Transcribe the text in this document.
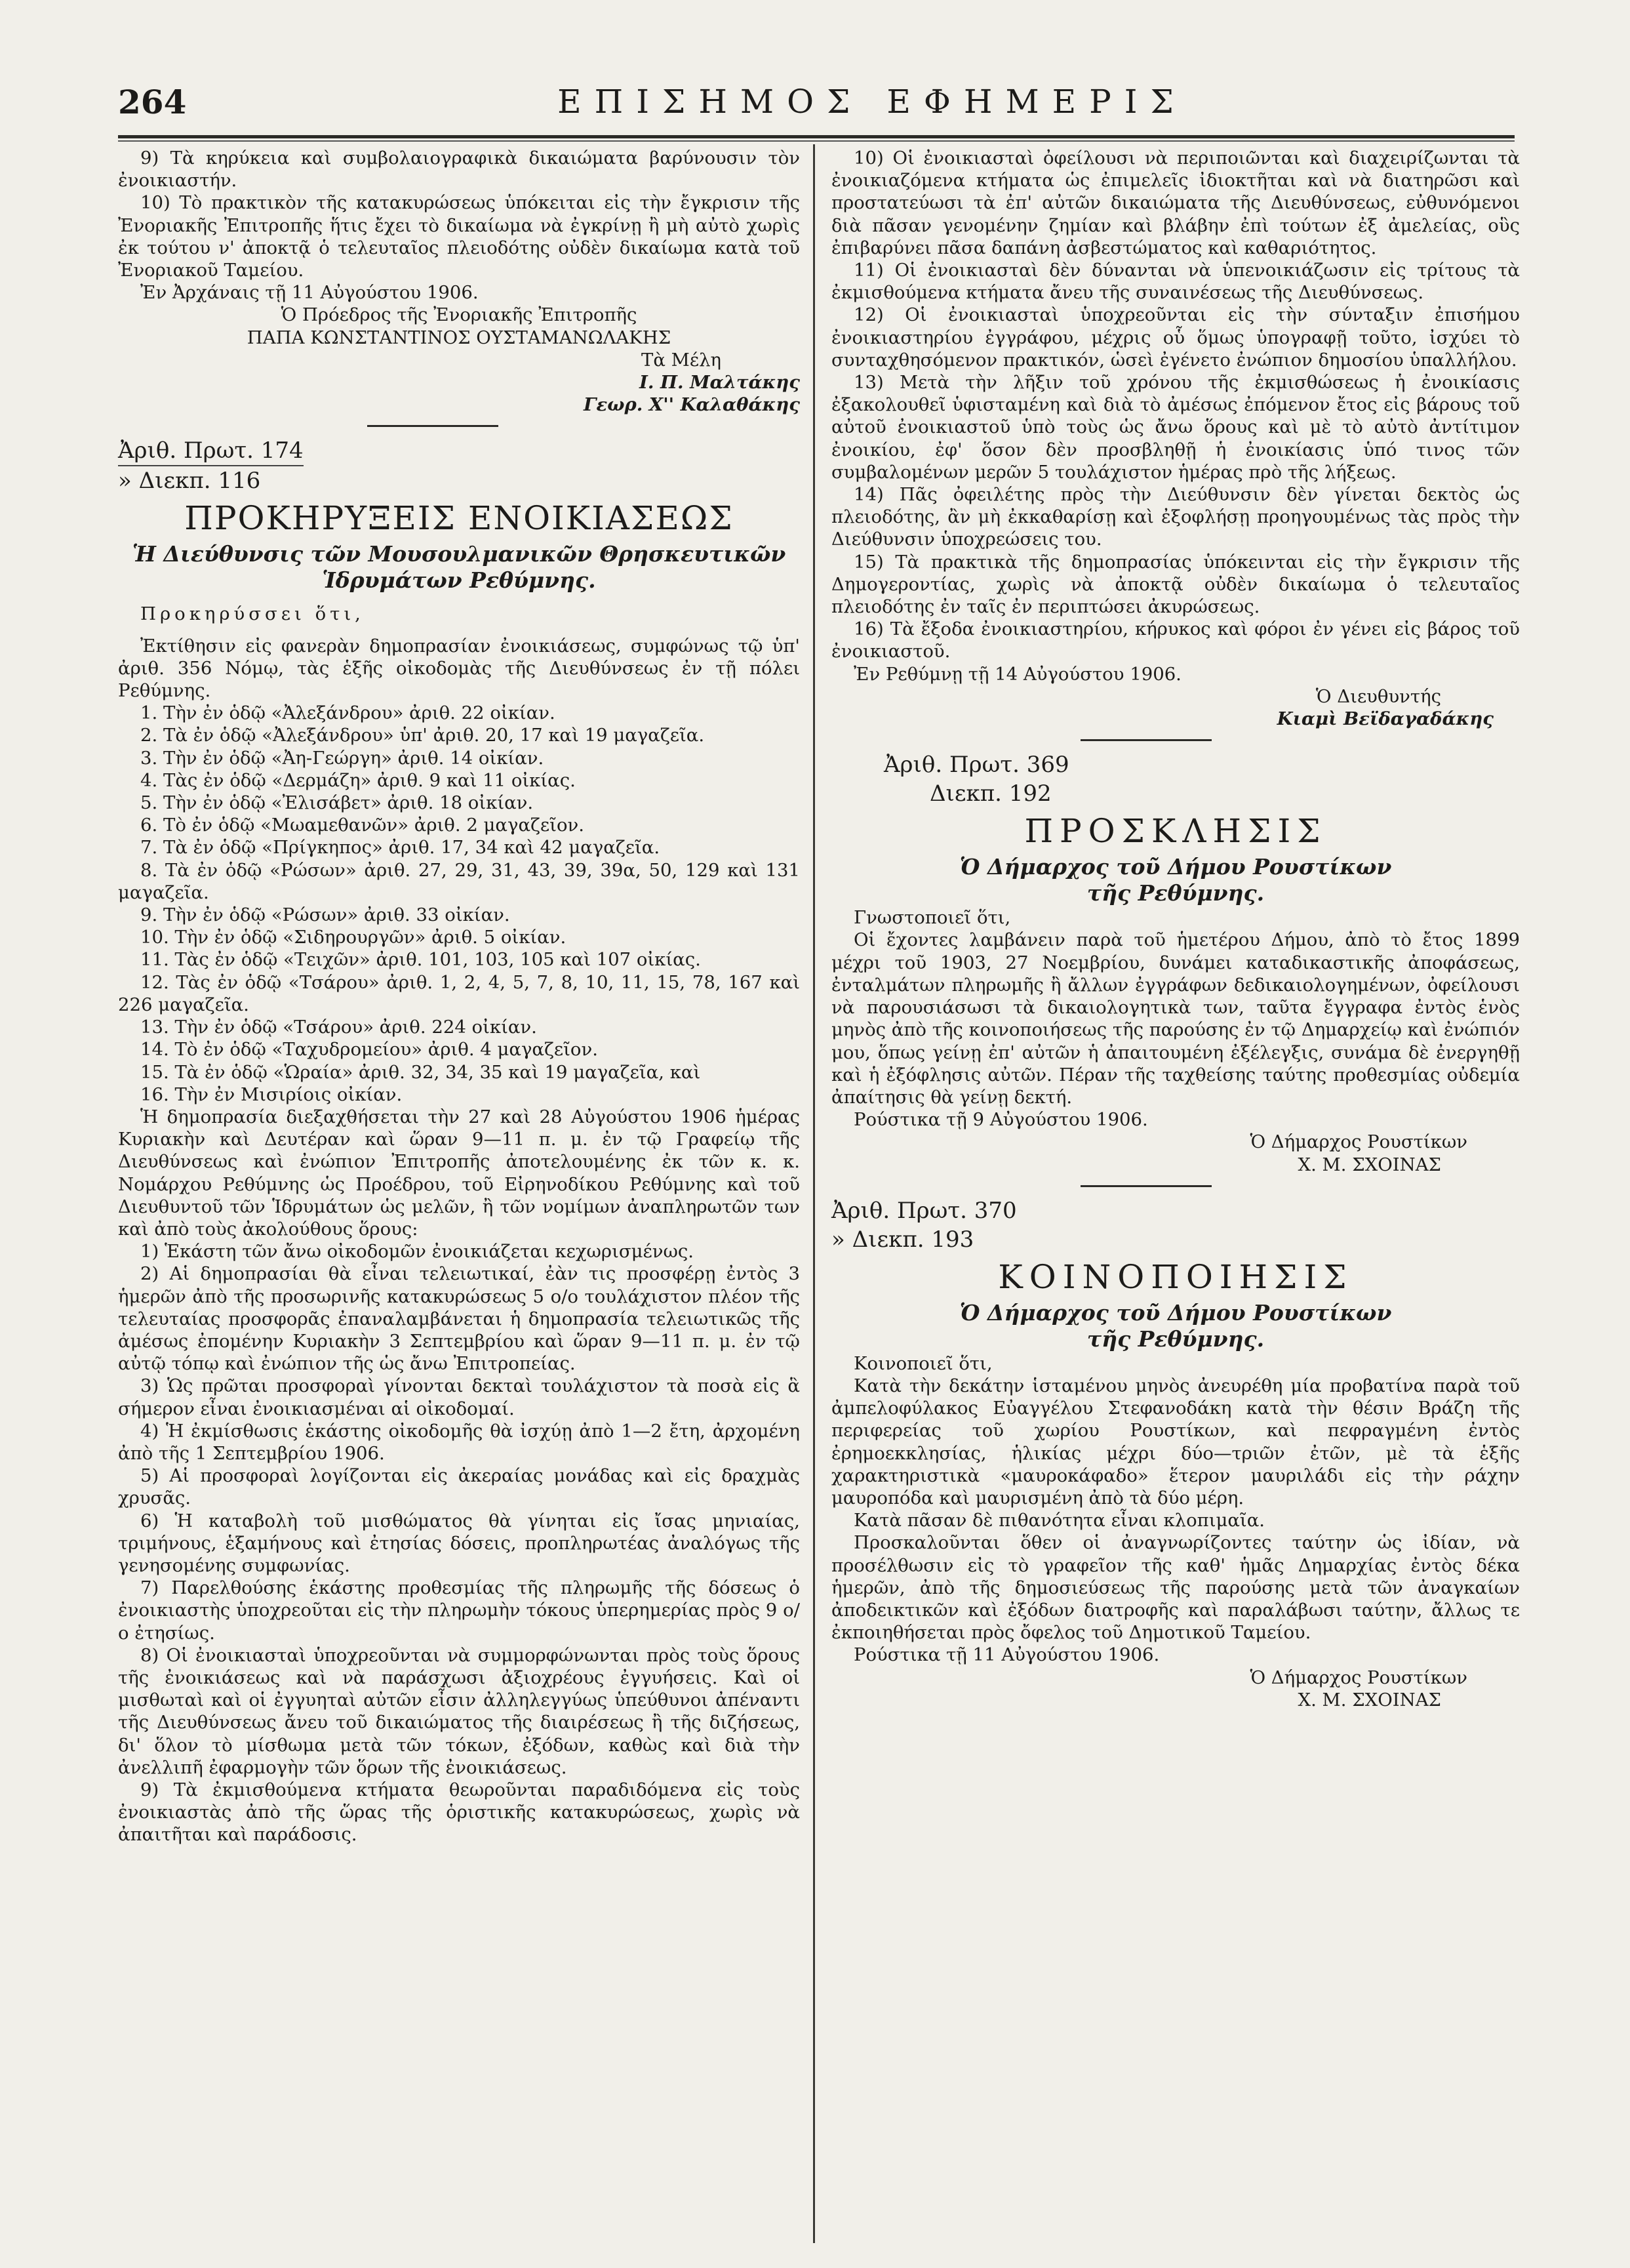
264	ΕΠΙΣΗΜΟΣ ΕΦΗΜΕΡΙΣ

9) Τὰ κηρύκεια καὶ συμβολαιογραφικὰ δικαιώματα βαρύνουσιν τὸν ἐνοικιαστήν.

10) Τὸ πρακτικὸν τῆς κατακυρώσεως ὑπόκειται εἰς τὴν ἔγκρισιν τῆς Ἐνοριακῆς Ἐπιτροπῆς ἥτις ἔχει τὸ δικαίωμα νὰ ἐγκρίνῃ ἢ μὴ αὐτὸ χωρὶς ἐκ τούτου ν' ἀποκτᾷ ὁ τελευταῖος πλειοδότης οὐδὲν δικαίωμα κατὰ τοῦ Ἐνοριακοῦ Ταμείου.

Ἐν Ἀρχάναις τῇ 11 Αὐγούστου 1906.

Ὁ Πρόεδρος τῆς Ἐνοριακῆς Ἐπιτροπῆς

ΠΑΠΑ ΚΩΝΣΤΑΝΤΙΝΟΣ ΟΥΣΤΑΜΑΝΩΛΑΚΗΣ

Τὰ Μέλη

Ι. Π. Μαλτάκης

Γεωρ. Χ'' Καλαθάκης

Ἀριθ. Πρωτ. 174

» Διεκπ. 116

ΠΡΟΚΗΡΥΞΕΙΣ ΕΝΟΙΚΙΑΣΕΩΣ

Ἡ Διεύθυνσις τῶν Μουσουλμανικῶν Θρησκευτικῶν

Ἱδρυμάτων Ρεθύμνης.

Προκηρύσσει ὅτι,

Ἐκτίθησιν εἰς φανερὰν δημοπρασίαν ἐνοικιάσεως, συμφώνως τῷ ὑπ' ἀριθ. 356 Νόμῳ, τὰς ἑξῆς οἰκοδομὰς τῆς Διευθύνσεως ἐν τῇ πόλει Ρεθύμνης.

1. Τὴν ἐν ὁδῷ «Ἀλεξάνδρου» ἀριθ. 22 οἰκίαν.

2. Τὰ ἐν ὁδῷ «Ἀλεξάνδρου» ὑπ' ἀριθ. 20, 17 καὶ 19 μαγαζεῖα.

3. Τὴν ἐν ὁδῷ «Ἀη-Γεώργη» ἀριθ. 14 οἰκίαν.

4. Τὰς ἐν ὁδῷ «Δερμάζη» ἀριθ. 9 καὶ 11 οἰκίας.

5. Τὴν ἐν ὁδῷ «Ἐλισάβετ» ἀριθ. 18 οἰκίαν.

6. Τὸ ἐν ὁδῷ «Μωαμεθανῶν» ἀριθ. 2 μαγαζεῖον.

7. Τὰ ἐν ὁδῷ «Πρίγκηπος» ἀριθ. 17, 34 καὶ 42 μαγαζεῖα.

8. Τὰ ἐν ὁδῷ «Ρώσων» ἀριθ. 27, 29, 31, 43, 39, 39α, 50, 129 καὶ 131 μαγαζεῖα.

9. Τὴν ἐν ὁδῷ «Ρώσων» ἀριθ. 33 οἰκίαν.

10. Τὴν ἐν ὁδῷ «Σιδηρουργῶν» ἀριθ. 5 οἰκίαν.

11. Τὰς ἐν ὁδῷ «Τειχῶν» ἀριθ. 101, 103, 105 καὶ 107 οἰκίας.

12. Τὰς ἐν ὁδῷ «Τσάρου» ἀριθ. 1, 2, 4, 5, 7, 8, 10, 11, 15, 78, 167 καὶ 226 μαγαζεῖα.

13. Τὴν ἐν ὁδῷ «Τσάρου» ἀριθ. 224 οἰκίαν.

14. Τὸ ἐν ὁδῷ «Ταχυδρομείου» ἀριθ. 4 μαγαζεῖον.

15. Τὰ ἐν ὁδῷ «Ὡραία» ἀριθ. 32, 34, 35 καὶ 19 μαγαζεῖα, καὶ

16. Τὴν ἐν Μισιρίοις οἰκίαν.

Ἡ δημοπρασία διεξαχθήσεται τὴν 27 καὶ 28 Αὐγούστου 1906 ἡμέρας Κυριακὴν καὶ Δευτέραν καὶ ὥραν 9—11 π. μ. ἐν τῷ Γραφείῳ τῆς Διευθύνσεως καὶ ἐνώπιον Ἐπιτροπῆς ἀποτελουμένης ἐκ τῶν κ. κ. Νομάρχου Ρεθύμνης ὡς Προέδρου, τοῦ Εἰρηνοδίκου Ρεθύμνης καὶ τοῦ Διευθυντοῦ τῶν Ἱδρυμάτων ὡς μελῶν, ἢ τῶν νομίμων ἀναπληρωτῶν των καὶ ἀπὸ τοὺς ἀκολούθους ὅρους:

1) Ἑκάστη τῶν ἄνω οἰκοδομῶν ἐνοικιάζεται κεχωρισμένως.

2) Αἱ δημοπρασίαι θὰ εἶναι τελειωτικαί, ἐὰν τις προσφέρῃ ἐντὸς 3 ἡμερῶν ἀπὸ τῆς προσωρινῆς κατακυρώσεως 5 ο/ο τουλάχιστον πλέον τῆς τελευταίας προσφορᾶς ἐπαναλαμβάνεται ἡ δημοπρασία τελειωτικῶς τῆς ἀμέσως ἐπομένην Κυριακὴν 3 Σεπτεμβρίου καὶ ὥραν 9—11 π. μ. ἐν τῷ αὐτῷ τόπῳ καὶ ἐνώπιον τῆς ὡς ἄνω Ἐπιτροπείας.

3) Ὡς πρῶται προσφοραὶ γίνονται δεκταὶ τουλάχιστον τὰ ποσὰ εἰς ἃ σήμερον εἶναι ἐνοικιασμέναι αἱ οἰκοδομαί.

4) Ἡ ἐκμίσθωσις ἑκάστης οἰκοδομῆς θὰ ἰσχύῃ ἀπὸ 1—2 ἔτη, ἀρχομένη ἀπὸ τῆς 1 Σεπτεμβρίου 1906.

5) Αἱ προσφοραὶ λογίζονται εἰς ἀκεραίας μονάδας καὶ εἰς δραχμὰς χρυσᾶς.

6) Ἡ καταβολὴ τοῦ μισθώματος θὰ γίνηται εἰς ἴσας μηνιαίας, τριμήνους, ἑξαμήνους καὶ ἐτησίας δόσεις, προπληρωτέας ἀναλόγως τῆς γενησομένης συμφωνίας.

7) Παρελθούσης ἑκάστης προθεσμίας τῆς πληρωμῆς τῆς δόσεως ὁ ἐνοικιαστὴς ὑποχρεοῦται εἰς τὴν πληρωμὴν τόκους ὑπερημερίας πρὸς 9 ο/ο ἐτησίως.

8) Οἱ ἐνοικιασταὶ ὑποχρεοῦνται νὰ συμμορφώνωνται πρὸς τοὺς ὅρους τῆς ἐνοικιάσεως καὶ νὰ παράσχωσι ἀξιοχρέους ἐγγυήσεις. Καὶ οἱ μισθωταὶ καὶ οἱ ἐγγυηταὶ αὐτῶν εἶσιν ἀλληλεγγύως ὑπεύθυνοι ἀπέναντι τῆς Διευθύνσεως ἄνευ τοῦ δικαιώματος τῆς διαιρέσεως ἢ τῆς διζήσεως, δι' ὅλον τὸ μίσθωμα μετὰ τῶν τόκων, ἐξόδων, καθὼς καὶ διὰ τὴν ἀνελλιπῆ ἐφαρμογὴν τῶν ὅρων τῆς ἐνοικιάσεως.

9) Τὰ ἐκμισθούμενα κτήματα θεωροῦνται παραδιδόμενα εἰς τοὺς ἐνοικιαστὰς ἀπὸ τῆς ὥρας τῆς ὁριστικῆς κατακυρώσεως, χωρὶς νὰ ἀπαιτῆται καὶ παράδοσις.

10) Οἱ ἐνοικιασταὶ ὀφείλουσι νὰ περιποιῶνται καὶ διαχειρίζωνται τὰ ἐνοικιαζόμενα κτήματα ὡς ἐπιμελεῖς ἰδιοκτῆται καὶ νὰ διατηρῶσι καὶ προστατεύωσι τὰ ἐπ' αὐτῶν δικαιώματα τῆς Διευθύνσεως, εὐθυνόμενοι διὰ πᾶσαν γενομένην ζημίαν καὶ βλάβην ἐπὶ τούτων ἐξ ἀμελείας, οὓς ἐπιβαρύνει πᾶσα δαπάνη ἀσβεστώματος καὶ καθαριότητος.

11) Οἱ ἐνοικιασταὶ δὲν δύνανται νὰ ὑπενοικιάζωσιν εἰς τρίτους τὰ ἐκμισθούμενα κτήματα ἄνευ τῆς συναινέσεως τῆς Διευθύνσεως.

12) Οἱ ἐνοικιασταὶ ὑποχρεοῦνται εἰς τὴν σύνταξιν ἐπισήμου ἐνοικιαστηρίου ἐγγράφου, μέχρις οὗ ὅμως ὑπογραφῇ τοῦτο, ἰσχύει τὸ συνταχθησόμενον πρακτικόν, ὡσεὶ ἐγένετο ἐνώπιον δημοσίου ὑπαλλήλου.

13) Μετὰ τὴν λῆξιν τοῦ χρόνου τῆς ἐκμισθώσεως ἡ ἐνοικίασις ἐξακολουθεῖ ὑφισταμένη καὶ διὰ τὸ ἀμέσως ἐπόμενον ἔτος εἰς βάρους τοῦ αὐτοῦ ἐνοικιαστοῦ ὑπὸ τοὺς ὡς ἄνω ὅρους καὶ μὲ τὸ αὐτὸ ἀντίτιμον ἐνοικίου, ἐφ' ὅσον δὲν προσβληθῇ ἡ ἐνοικίασις ὑπό τινος τῶν συμβαλομένων μερῶν 5 τουλάχιστον ἡμέρας πρὸ τῆς λήξεως.

14) Πᾶς ὀφειλέτης πρὸς τὴν Διεύθυνσιν δὲν γίνεται δεκτὸς ὡς πλειοδότης, ἂν μὴ ἐκκαθαρίσῃ καὶ ἐξοφλήσῃ προηγουμένως τὰς πρὸς τὴν Διεύθυνσιν ὑποχρεώσεις του.

15) Τὰ πρακτικὰ τῆς δημοπρασίας ὑπόκεινται εἰς τὴν ἔγκρισιν τῆς Δημογεροντίας, χωρὶς νὰ ἀποκτᾷ οὐδὲν δικαίωμα ὁ τελευταῖος πλειοδότης ἐν ταῖς ἐν περιπτώσει ἀκυρώσεως.

16) Τὰ ἔξοδα ἐνοικιαστηρίου, κήρυκος καὶ φόροι ἐν γένει εἰς βάρος τοῦ ἐνοικιαστοῦ.

Ἐν Ρεθύμνῃ τῇ 14 Αὐγούστου 1906.

Ὁ Διευθυντής

Κιαμὶ Βεϊδαγαδάκης

Ἀριθ. Πρωτ. 369

Διεκπ. 192

ΠΡΟΣΚΛΗΣΙΣ

Ὁ Δήμαρχος τοῦ Δήμου Ρουστίκων

τῆς Ρεθύμνης.

Γνωστοποιεῖ ὅτι,

Οἱ ἔχοντες λαμβάνειν παρὰ τοῦ ἡμετέρου Δήμου, ἀπὸ τὸ ἔτος 1899 μέχρι τοῦ 1903, 27 Νοεμβρίου, δυνάμει καταδικαστικῆς ἀποφάσεως, ἐνταλμάτων πληρωμῆς ἢ ἄλλων ἐγγράφων δεδικαιολογημένων, ὀφείλουσι νὰ παρουσιάσωσι τὰ δικαιολογητικὰ των, ταῦτα ἔγγραφα ἐντὸς ἑνὸς μηνὸς ἀπὸ τῆς κοινοποιήσεως τῆς παρούσης ἐν τῷ Δημαρχείῳ καὶ ἐνώπιόν μου, ὅπως γείνῃ ἐπ' αὐτῶν ἡ ἀπαιτουμένη ἐξέλεγξις, συνάμα δὲ ἐνεργηθῇ καὶ ἡ ἐξόφλησις αὐτῶν. Πέραν τῆς ταχθείσης ταύτης προθεσμίας οὐδεμία ἀπαίτησις θὰ γείνῃ δεκτή.

Ρούστικα τῇ 9 Αὐγούστου 1906.

Ὁ Δήμαρχος Ρουστίκων

Χ. Μ. ΣΧΟΙΝΑΣ

Ἀριθ. Πρωτ. 370

» Διεκπ. 193

ΚΟΙΝΟΠΟΙΗΣΙΣ

Ὁ Δήμαρχος τοῦ Δήμου Ρουστίκων

τῆς Ρεθύμνης.

Κοινοποιεῖ ὅτι,

Κατὰ τὴν δεκάτην ἱσταμένου μηνὸς ἀνευρέθη μία προβατίνα παρὰ τοῦ ἀμπελοφύλακος Εὐαγγέλου Στεφανοδάκη κατὰ τὴν θέσιν Βράζη τῆς περιφερείας τοῦ χωρίου Ρουστίκων, καὶ πεφραγμένη ἐντὸς ἐρημοεκκλησίας, ἡλικίας μέχρι δύο—τριῶν ἐτῶν, μὲ τὰ ἑξῆς χαρακτηριστικὰ «μαυροκάφαδο» ἕτερον μαυριλάδι εἰς τὴν ράχην μαυροπόδα καὶ μαυρισμένη ἀπὸ τὰ δύο μέρη.

Κατὰ πᾶσαν δὲ πιθανότητα εἶναι κλοπιμαῖα.

Προσκαλοῦνται ὅθεν οἱ ἀναγνωρίζοντες ταύτην ὡς ἰδίαν, νὰ προσέλθωσιν εἰς τὸ γραφεῖον τῆς καθ' ἡμᾶς Δημαρχίας ἐντὸς δέκα ἡμερῶν, ἀπὸ τῆς δημοσιεύσεως τῆς παρούσης μετὰ τῶν ἀναγκαίων ἀποδεικτικῶν καὶ ἐξόδων διατροφῆς καὶ παραλάβωσι ταύτην, ἄλλως τε ἐκποιηθήσεται πρὸς ὄφελος τοῦ Δημοτικοῦ Ταμείου.

Ρούστικα τῇ 11 Αὐγούστου 1906.

Ὁ Δήμαρχος Ρουστίκων

Χ. Μ. ΣΧΟΙΝΑΣ
